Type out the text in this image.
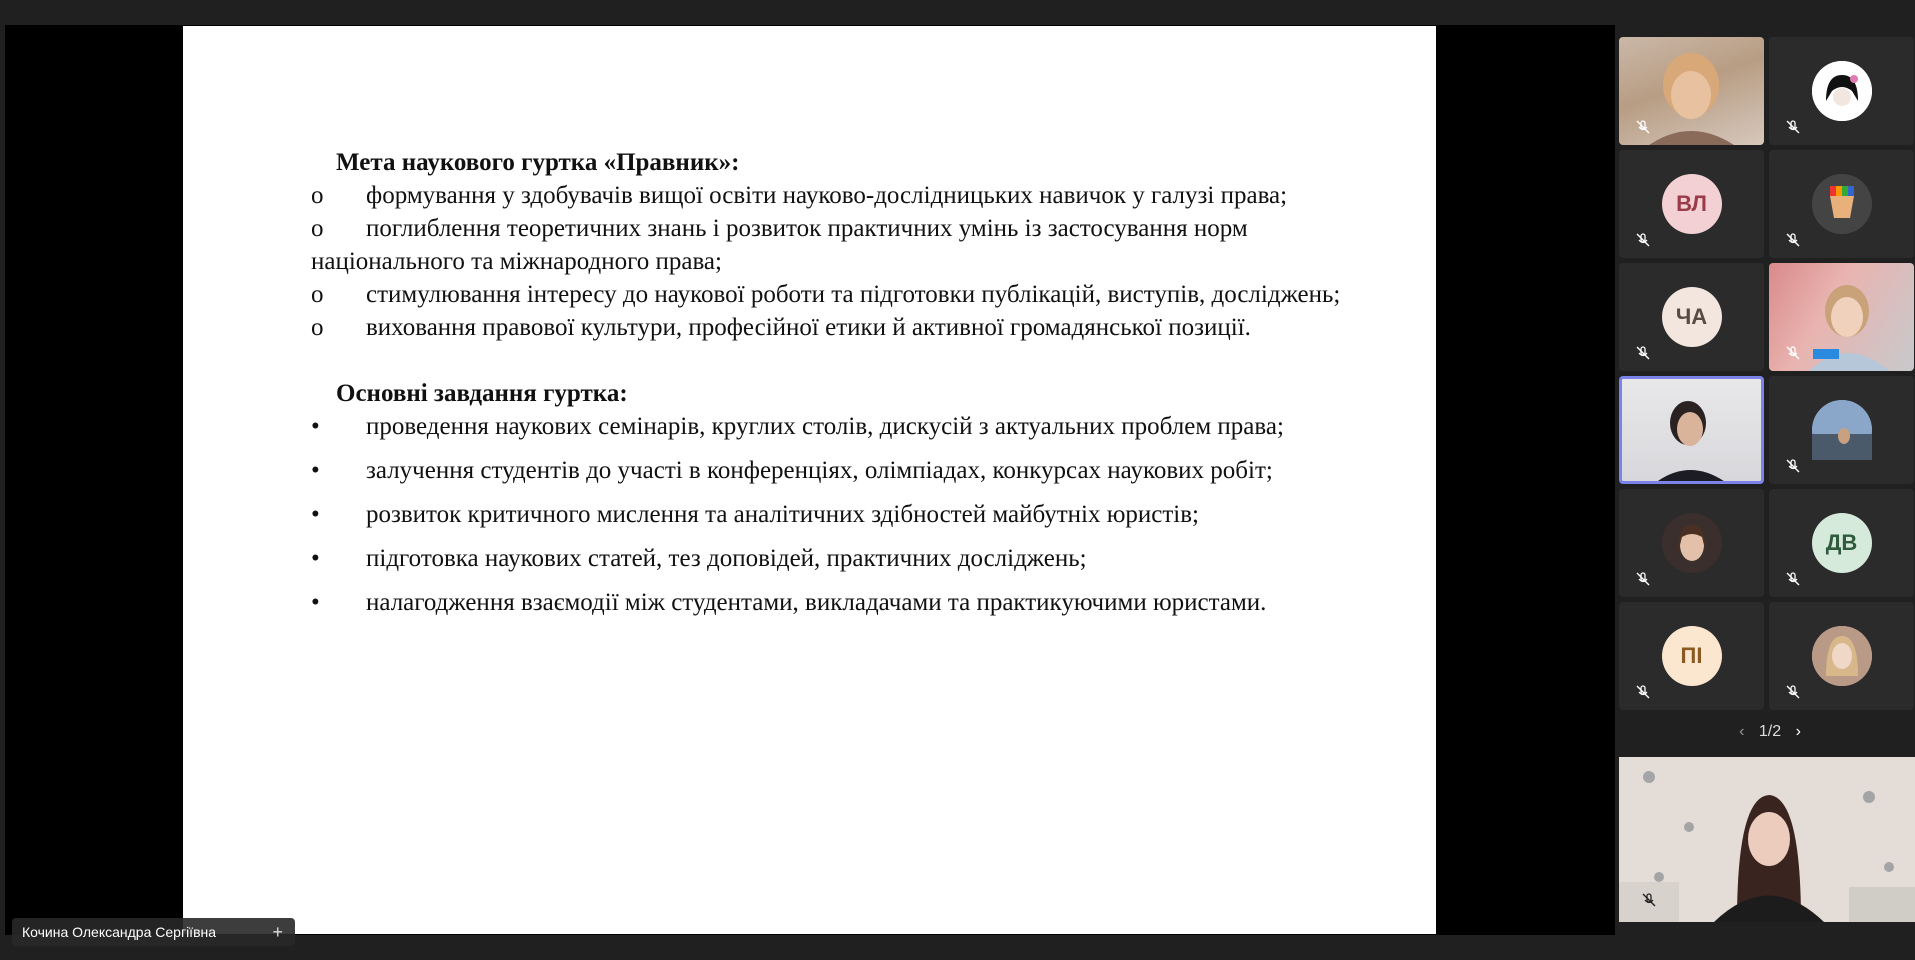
Мета наукового гуртка «Правник»:
o формування у здобувачів вищої освіти науково-дослідницьких навичок у галузі права;
o поглиблення теоретичних знань і розвиток практичних умінь із застосування норм національного та міжнародного права;
o стимулювання інтересу до наукової роботи та підготовки публікацій, виступів, досліджень;
o виховання правової культури, професійної етики й активної громадянської позиції.
Основні завдання гуртка:
• проведення наукових семінарів, круглих столів, дискусій з актуальних проблем права;
• залучення студентів до участі в конференціях, олімпіадах, конкурсах наукових робіт;
• розвиток критичного мислення та аналітичних здібностей майбутніх юристів;
• підготовка наукових статей, тез доповідей, практичних досліджень;
• налагодження взаємодії між студентами, викладачами та практикуючими юристами.
Кочина Олександра Сергіївна	+
ВЛ
ЧА
ДВ
ПІ
‹ 1/2 ›
